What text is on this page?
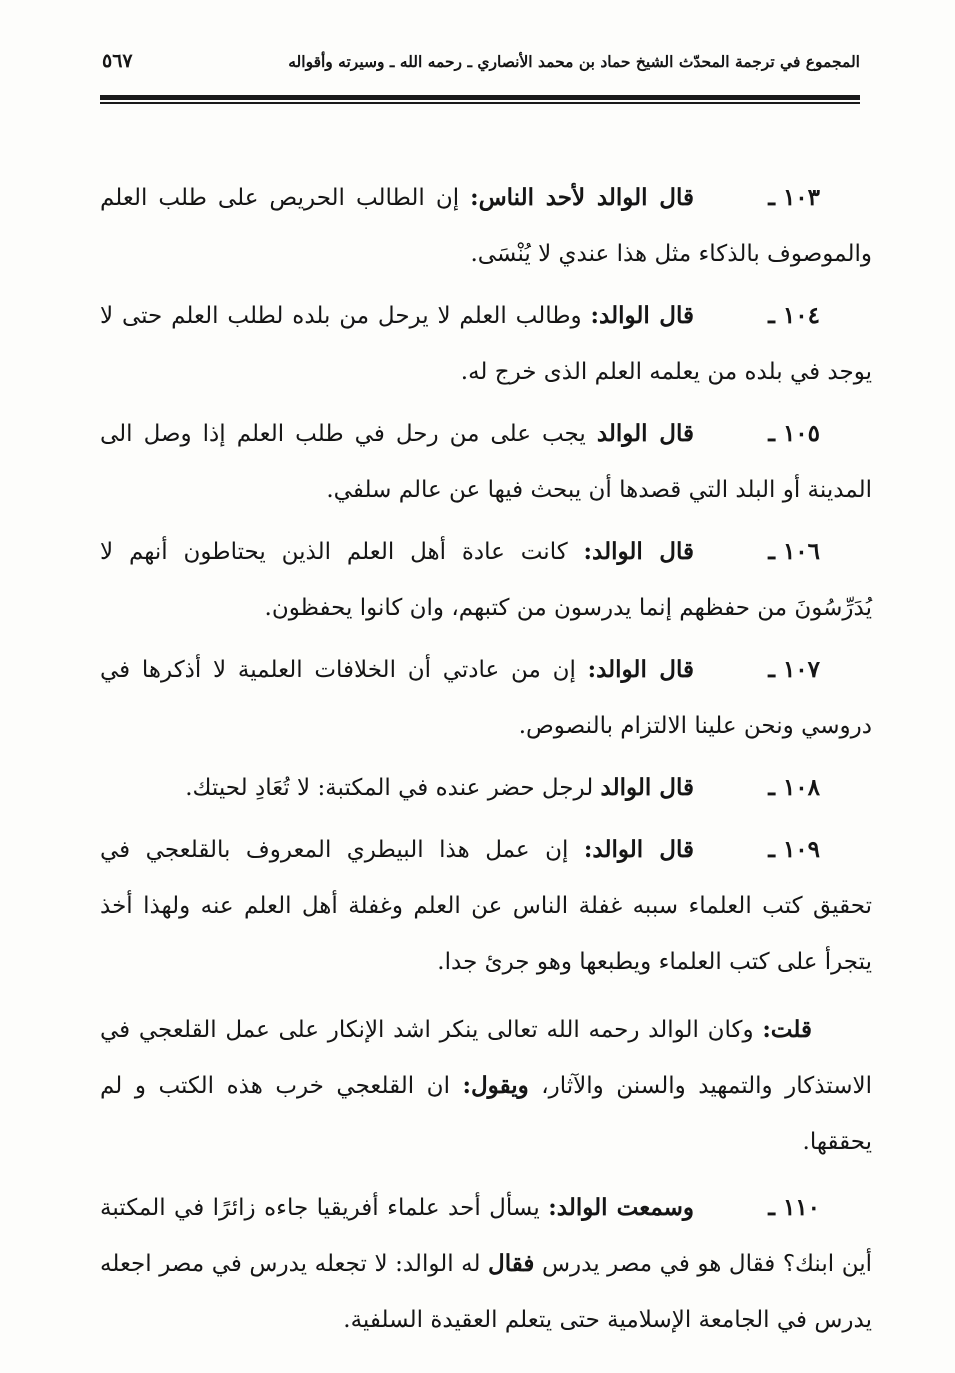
المجموع في ترجمة المحدّث الشيخ حماد بن محمد الأنصاري ـ رحمه الله ـ وسيرته وأقواله
٥٦٧

١٠٣ ـقال الوالد لأحد الناس: إن الطالب الحريص على طلب العلم والموصوف بالذكاء مثل هذا عندي لا يُنْسَى.

١٠٤ ـقال الوالد: وطالب العلم لا يرحل من بلده لطلب العلم حتى لا يوجد في بلده من يعلمه العلم الذى خرج له.

١٠٥ ـقال الوالد يجب على من رحل في طلب العلم إذا وصل الى المدينة أو البلد التي قصدها أن يبحث فيها عن عالم سلفي.

١٠٦ ـقال الوالد: كانت عادة أهل العلم الذين يحتاطون أنهم لا يُدَرِّسُونَ من حفظهم إنما يدرسون من كتبهم، وان كانوا يحفظون.

١٠٧ ـقال الوالد: إن من عادتي أن الخلافات العلمية لا أذكرها في دروسي ونحن علينا الالتزام بالنصوص.

١٠٨ ـقال الوالد لرجل حضر عنده في المكتبة: لا تُعَادِ لحيتك.

١٠٩ ـقال الوالد: إن عمل هذا البيطري المعروف بالقلعجي في تحقيق كتب العلماء سببه غفلة الناس عن العلم وغفلة أهل العلم عنه ولهذا أخذ يتجرأ على كتب العلماء ويطبعها وهو جرئ جدا.

قلت: وكان الوالد رحمه الله تعالى ينكر اشد الإنكار على عمل القلعجي في الاستذكار والتمهيد والسنن والآثار، ويقول: ان القلعجي خرب هذه الكتب و لم يحققها.

١١٠ ـوسمعت الوالد: يسأل أحد علماء أفريقيا جاءه زائرًا في المكتبة أين ابنك؟ فقال هو في مصر يدرس فقال له الوالد: لا تجعله يدرس في مصر اجعله يدرس في الجامعة الإسلامية حتى يتعلم العقيدة السلفية.
